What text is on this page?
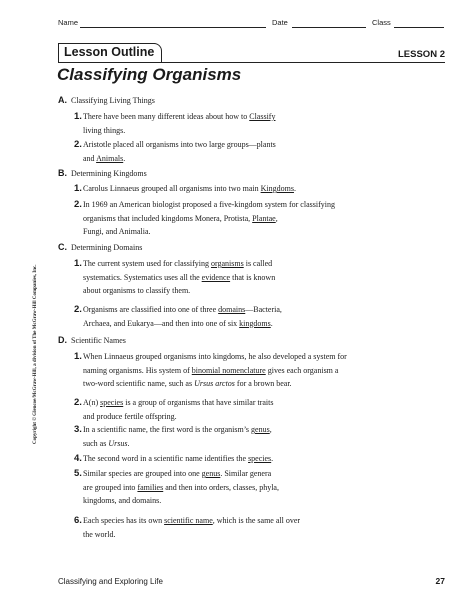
Name	Date	Class
Lesson Outline	LESSON 2
Classifying Organisms
A. Classifying Living Things
1. There have been many different ideas about how to Classify
living things.
2. Aristotle placed all organisms into two large groups—plants
and Animals.
B. Determining Kingdoms
1. Carolus Linnaeus grouped all organisms into two main Kingdoms.
2. In 1969 an American biologist proposed a five-kingdom system for classifying
organisms that included kingdoms Monera, Protista, Plantae,
Fungi, and Animalia.
C. Determining Domains
1. The current system used for classifying organisms is called
systematics. Systematics uses all the evidence that is known
about organisms to classify them.
2. Organisms are classified into one of three domains—Bacteria,
Archaea, and Eukarya—and then into one of six kingdoms.
D. Scientific Names
1. When Linnaeus grouped organisms into kingdoms, he also developed a system for
naming organisms. His system of binomial nomenclature gives each organism a
two-word scientific name, such as Ursus arctos for a brown bear.
2. A(n) species is a group of organisms that have similar traits
and produce fertile offspring.
3. In a scientific name, the first word is the organism’s genus,
such as Ursus.
4. The second word in a scientific name identifies the species.
5. Similar species are grouped into one genus. Similar genera
are grouped into families and then into orders, classes, phyla,
kingdoms, and domains.
6. Each species has its own scientific name, which is the same all over
the world.
Copyright © Glencoe/McGraw-Hill, a division of The McGraw-Hill Companies, Inc.
Classifying and Exploring Life	27
